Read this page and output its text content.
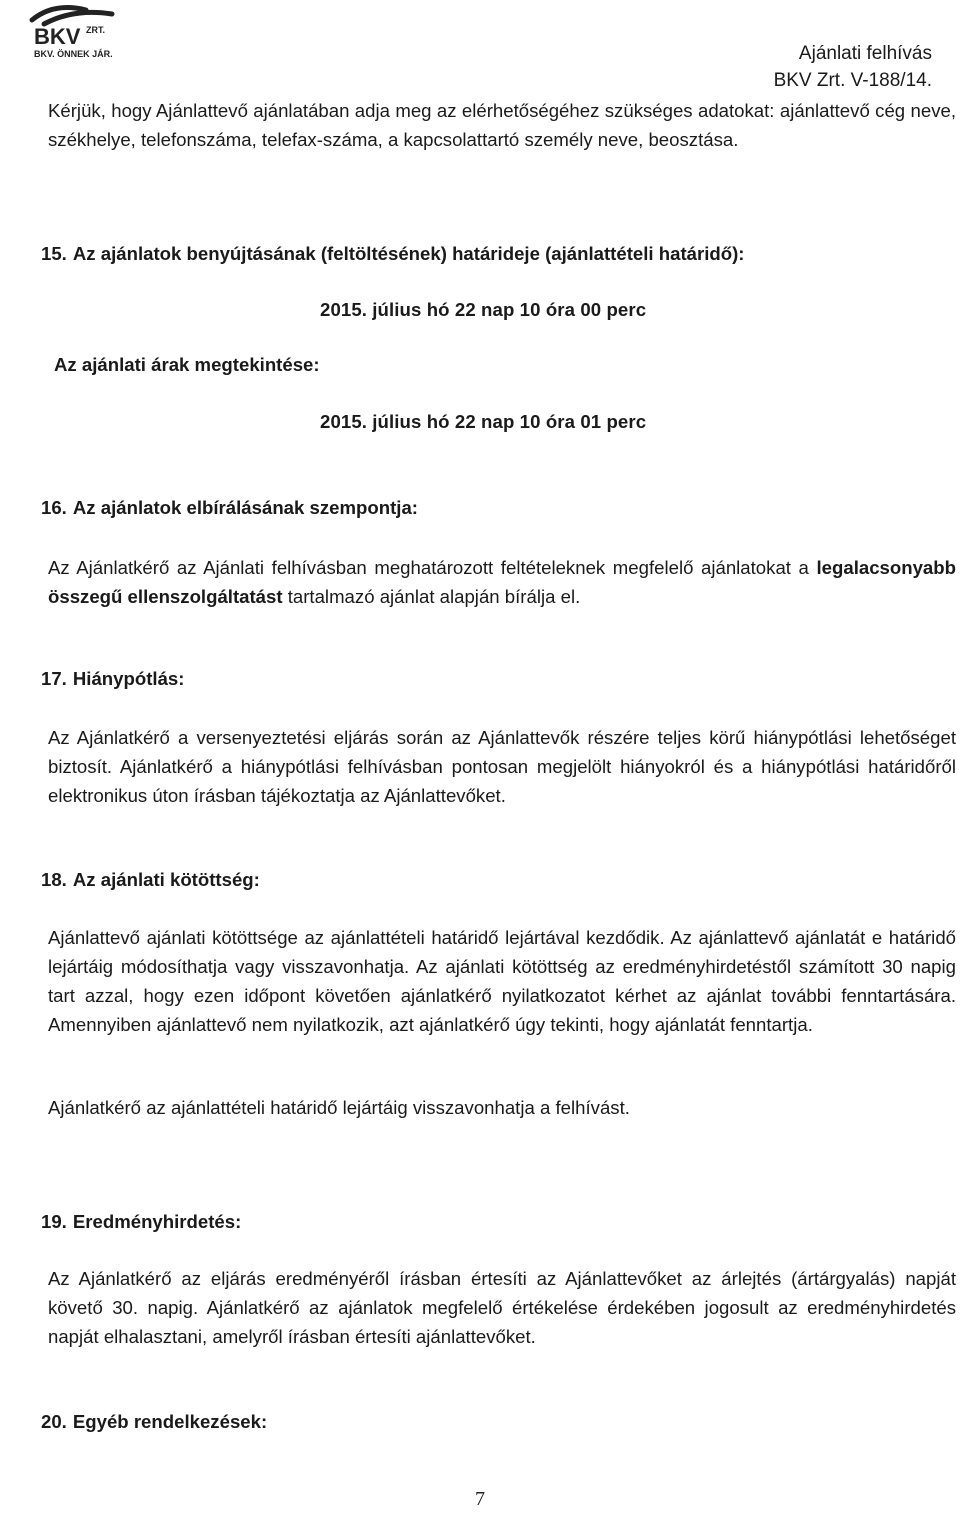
BKV ZRT.
BKV. ÖNNEK JÁR.	Ajánlati felhívás
BKV Zrt. V-188/14.
Kérjük, hogy Ajánlattevő ajánlatában adja meg az elérhetőségéhez szükséges adatokat: ajánlattevő cég neve, székhelye, telefonszáma, telefax-száma, a kapcsolattartó személy neve, beosztása.
15. Az ajánlatok benyújtásának (feltöltésének) határideje (ajánlattételi határidő):
2015. július hó 22 nap 10 óra 00 perc
Az ajánlati árak megtekintése:
2015. július hó 22 nap 10 óra 01 perc
16. Az ajánlatok elbírálásának szempontja:
Az Ajánlatkérő az Ajánlati felhívásban meghatározott feltételeknek megfelelő ajánlatokat a legalacsonyabb összegű ellenszolgáltatást tartalmazó ajánlat alapján bírálja el.
17. Hiánypótlás:
Az Ajánlatkérő a versenyeztetési eljárás során az Ajánlattevők részére teljes körű hiánypótlási lehetőséget biztosít. Ajánlatkérő a hiánypótlási felhívásban pontosan megjelölt hiányokról és a hiánypótlási határidőről elektronikus úton írásban tájékoztatja az Ajánlattevőket.
18. Az ajánlati kötöttség:
Ajánlattevő ajánlati kötöttsége az ajánlattételi határidő lejártával kezdődik. Az ajánlattevő ajánlatát e határidő lejártáig módosíthatja vagy visszavonhatja. Az ajánlati kötöttség az eredményhirdetéstől számított 30 napig tart azzal, hogy ezen időpont követően ajánlatkérő nyilatkozatot kérhet az ajánlat további fenntartására. Amennyiben ajánlattevő nem nyilatkozik, azt ajánlatkérő úgy tekinti, hogy ajánlatát fenntartja.
Ajánlatkérő az ajánlattételi határidő lejártáig visszavonhatja a felhívást.
19. Eredményhirdetés:
Az Ajánlatkérő az eljárás eredményéről írásban értesíti az Ajánlattevőket az árlejtés (ártárgyalás) napját követő 30. napig. Ajánlatkérő az ajánlatok megfelelő értékelése érdekében jogosult az eredményhirdetés napját elhalasztani, amelyről írásban értesíti ajánlattevőket.
20. Egyéb rendelkezések:
7
